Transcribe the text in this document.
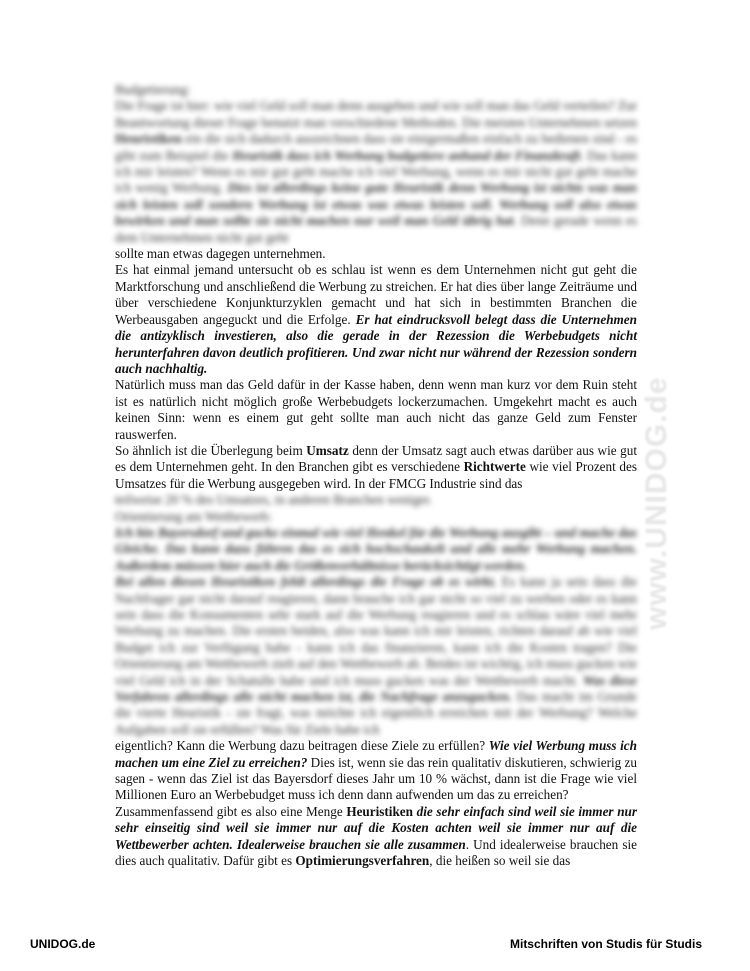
www.UNIDOG.de

Budgetierung:
Die Frage ist hier: wie viel Geld soll man denn ausgeben und wie soll man das Geld verteilen? Zur Beantwortung dieser Frage benutzt man verschiedene Methoden. Die meisten Unternehmen setzen Heuristiken ein die sich dadurch auszeichnen dass sie einigermaßen einfach zu bedienen sind - es gibt zum Beispiel die Heuristik dass ich Werbung budgetiere anhand der Finanzkraft. Das kann ich mir leisten? Wenn es mir gut geht mache ich viel Werbung, wenn es mir nicht gut geht mache ich wenig Werbung. Dies ist allerdings keine gute Heuristik denn Werbung ist nichts was man sich leisten soll sondern Werbung ist etwas was etwas leisten soll. Werbung soll also etwas bewirken und man sollte sie nicht machen nur weil man Geld übrig hat. Denn gerade wenn es dem Unternehmen nicht gut geht

sollte man etwas dagegen unternehmen.

Es hat einmal jemand untersucht ob es schlau ist wenn es dem Unternehmen nicht gut geht die Marktforschung und anschließend die Werbung zu streichen. Er hat dies über lange Zeiträume und über verschiedene Konjunkturzyklen gemacht und hat sich in bestimmten Branchen die Werbeausgaben angeguckt und die Erfolge. Er hat eindrucksvoll belegt dass die Unternehmen die antizyklisch investieren, also die gerade in der Rezession die Werbebudgets nicht herunterfahren davon deutlich profitieren. Und zwar nicht nur während der Rezession sondern auch nachhaltig.

Natürlich muss man das Geld dafür in der Kasse haben, denn wenn man kurz vor dem Ruin steht ist es natürlich nicht möglich große Werbebudgets lockerzumachen. Umgekehrt macht es auch keinen Sinn: wenn es einem gut geht sollte man auch nicht das ganze Geld zum Fenster rauswerfen.

So ähnlich ist die Überlegung beim Umsatz denn der Umsatz sagt auch etwas darüber aus wie gut es dem Unternehmen geht. In den Branchen gibt es verschiedene Richtwerte wie viel Prozent des Umsatzes für die Werbung ausgegeben wird. In der FMCG Industrie sind das

teilweise 20 % des Umsatzes, in anderen Branchen weniger.
Orientierung am Wettbewerb:
Ich bin Bayersdorf und gucke einmal wie viel Henkel für die Werbung ausgibt – und mache das Gleiche. Das kann dazu führen das es sich hochschaukelt und alle mehr Werbung machen. Außerdem müssen hier auch die Größenverhältnisse berücksichtigt werden.
Bei allen diesen Heuristiken fehlt allerdings die Frage ob es wirkt. Es kann ja sein dass die Nachfrager gar nicht darauf reagieren, dann brauche ich gar nicht so viel zu werben oder es kann sein dass die Konsumenten sehr stark auf die Werbung reagieren und es schlau wäre viel mehr Werbung zu machen. Die ersten beiden, also was kann ich mir leisten, richten darauf ab wie viel Budget ich zur Verfügung habe - kann ich das finanzieren, kann ich die Kosten tragen? Die Orientierung am Wettbewerb zielt auf den Wettbewerb ab. Beides ist wichtig, ich muss gucken wie viel Geld ich in der Schatulle habe und ich muss gucken was der Wettbewerb macht. Was diese Verfahren allerdings alle nicht machen ist, die Nachfrage anzugucken. Das macht im Grunde die vierte Heuristik - sie fragt, was möchte ich eigentlich erreichen mit der Werbung? Welche Aufgaben soll sie erfüllen? Was für Ziele habe ich

eigentlich? Kann die Werbung dazu beitragen diese Ziele zu erfüllen? Wie viel Werbung muss ich machen um eine Ziel zu erreichen? Dies ist, wenn sie das rein qualitativ diskutieren, schwierig zu sagen - wenn das Ziel ist das Bayersdorf dieses Jahr um 10 % wächst, dann ist die Frage wie viel Millionen Euro an Werbebudget muss ich denn dann aufwenden um das zu erreichen?

Zusammenfassend gibt es also eine Menge Heuristiken die sehr einfach sind weil sie immer nur sehr einseitig sind weil sie immer nur auf die Kosten achten weil sie immer nur auf die Wettbewerber achten. Idealerweise brauchen sie alle zusammen. Und idealerweise brauchen sie dies auch qualitativ. Dafür gibt es Optimierungsverfahren, die heißen so weil sie das

UNIDOG.de	Mitschriften von Studis für Studis
